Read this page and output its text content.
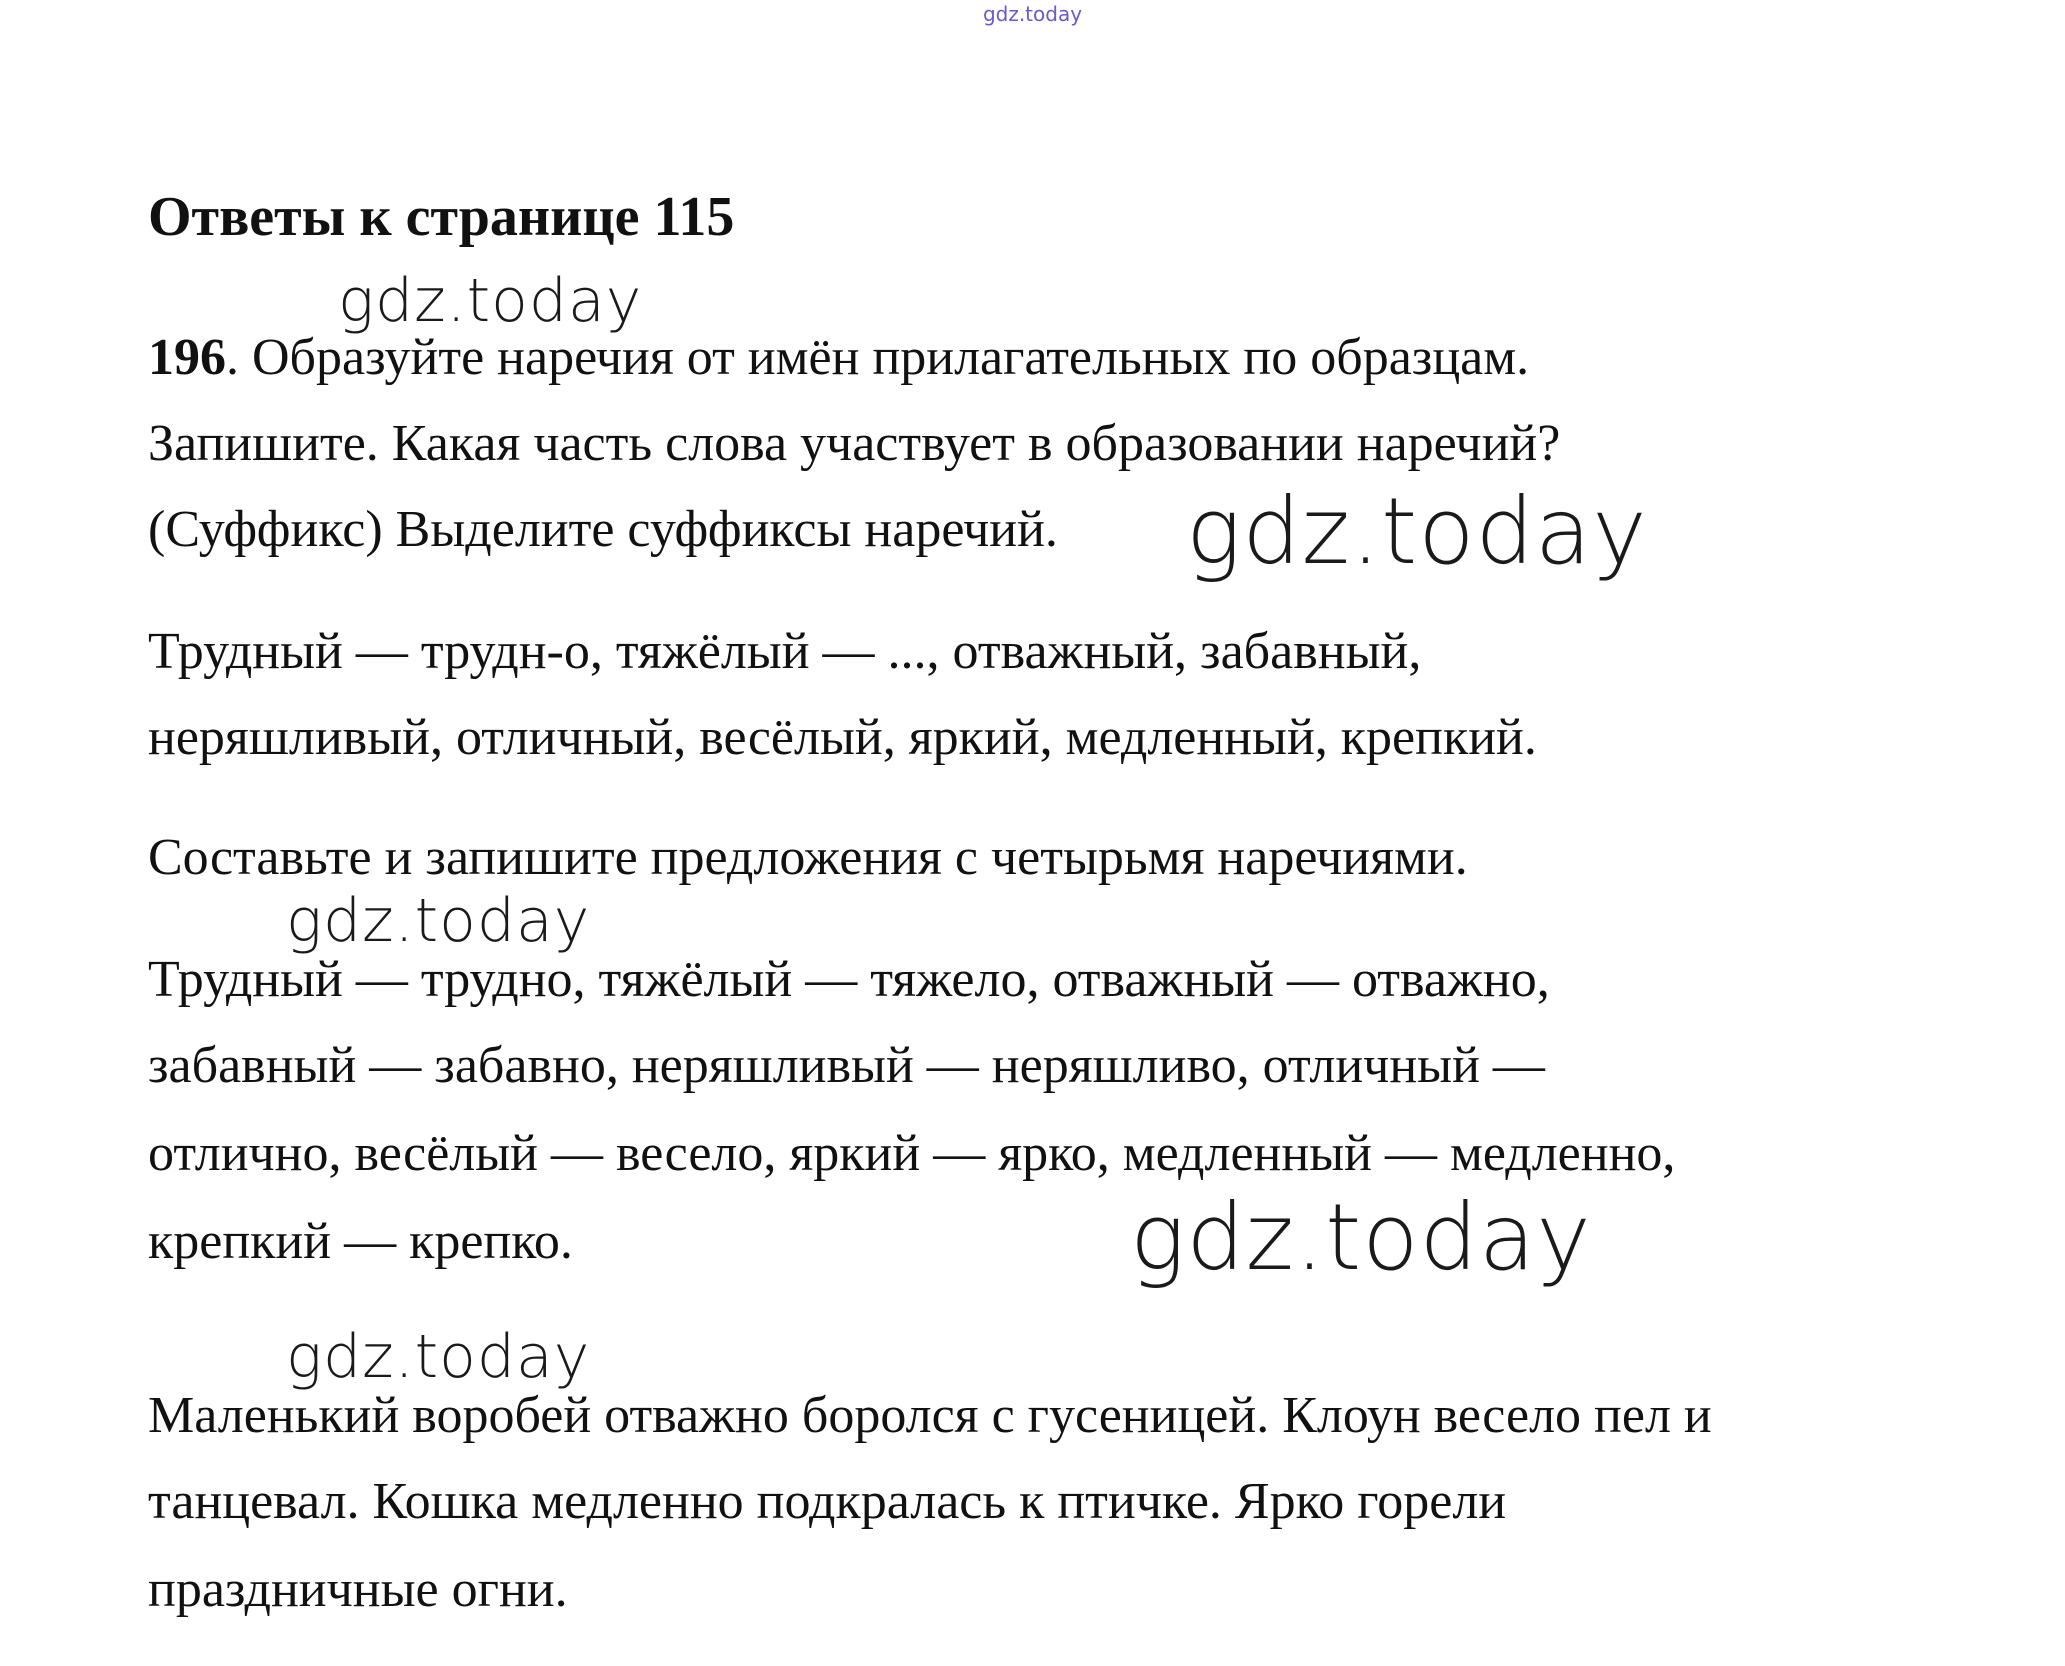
gdz.today
Ответы к странице 115
gdz.today
196. Образуйте наречия от имён прилагательных по образцам.
Запишите. Какая часть слова участвует в образовании наречий?
(Суффикс) Выделите суффиксы наречий. gdz.today
Трудный — трудн-о, тяжёлый — ..., отважный, забавный,
неряшливый, отличный, весёлый, яркий, медленный, крепкий.
Составьте и запишите предложения с четырьмя наречиями.
gdz.today
Трудный — трудно, тяжёлый — тяжело, отважный — отважно,
забавный — забавно, неряшливый — неряшливо, отличный —
отлично, весёлый — весело, яркий — ярко, медленный — медленно,
крепкий — крепко.	gdz.today
gdz.today
Маленький воробей отважно боролся с гусеницей. Клоун весело пел и
танцевал. Кошка медленно подкралась к птичке. Ярко горели
праздничные огни.
